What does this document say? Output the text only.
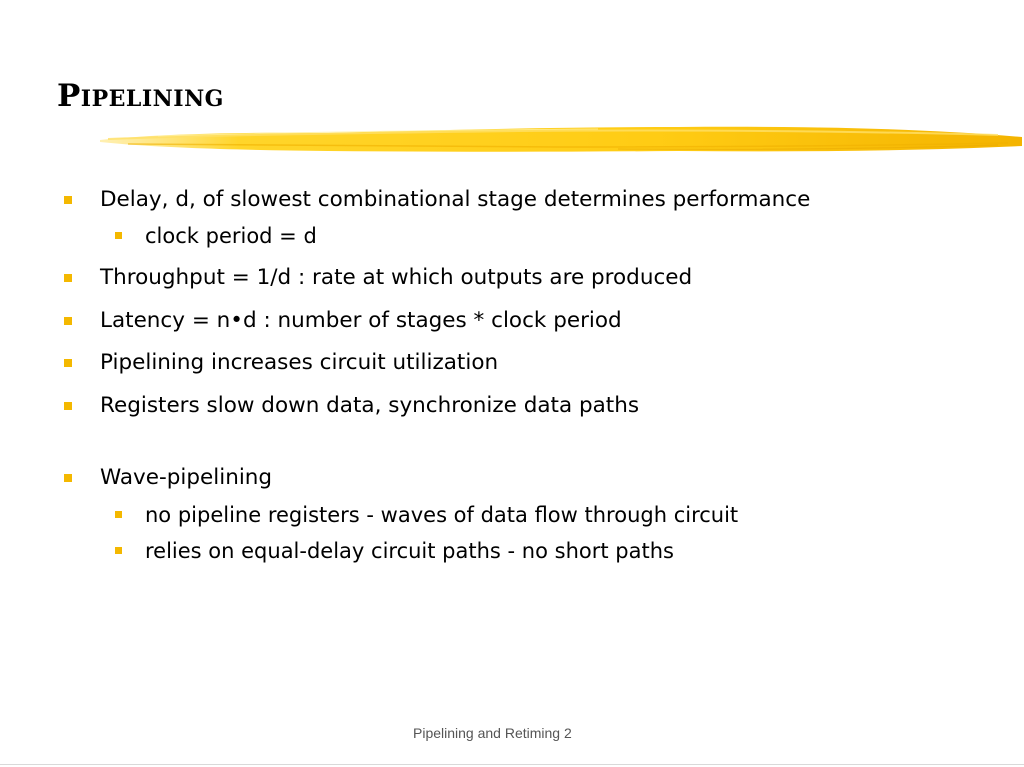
Pipelining
Delay, d, of slowest combinational stage determines performance
clock period = d
Throughput = 1/d : rate at which outputs are produced
Latency = n•d : number of stages * clock period
Pipelining increases circuit utilization
Registers slow down data, synchronize data paths
Wave-pipelining
no pipeline registers - waves of data flow through circuit
relies on equal-delay circuit paths - no short paths
Pipelining and Retiming 2
